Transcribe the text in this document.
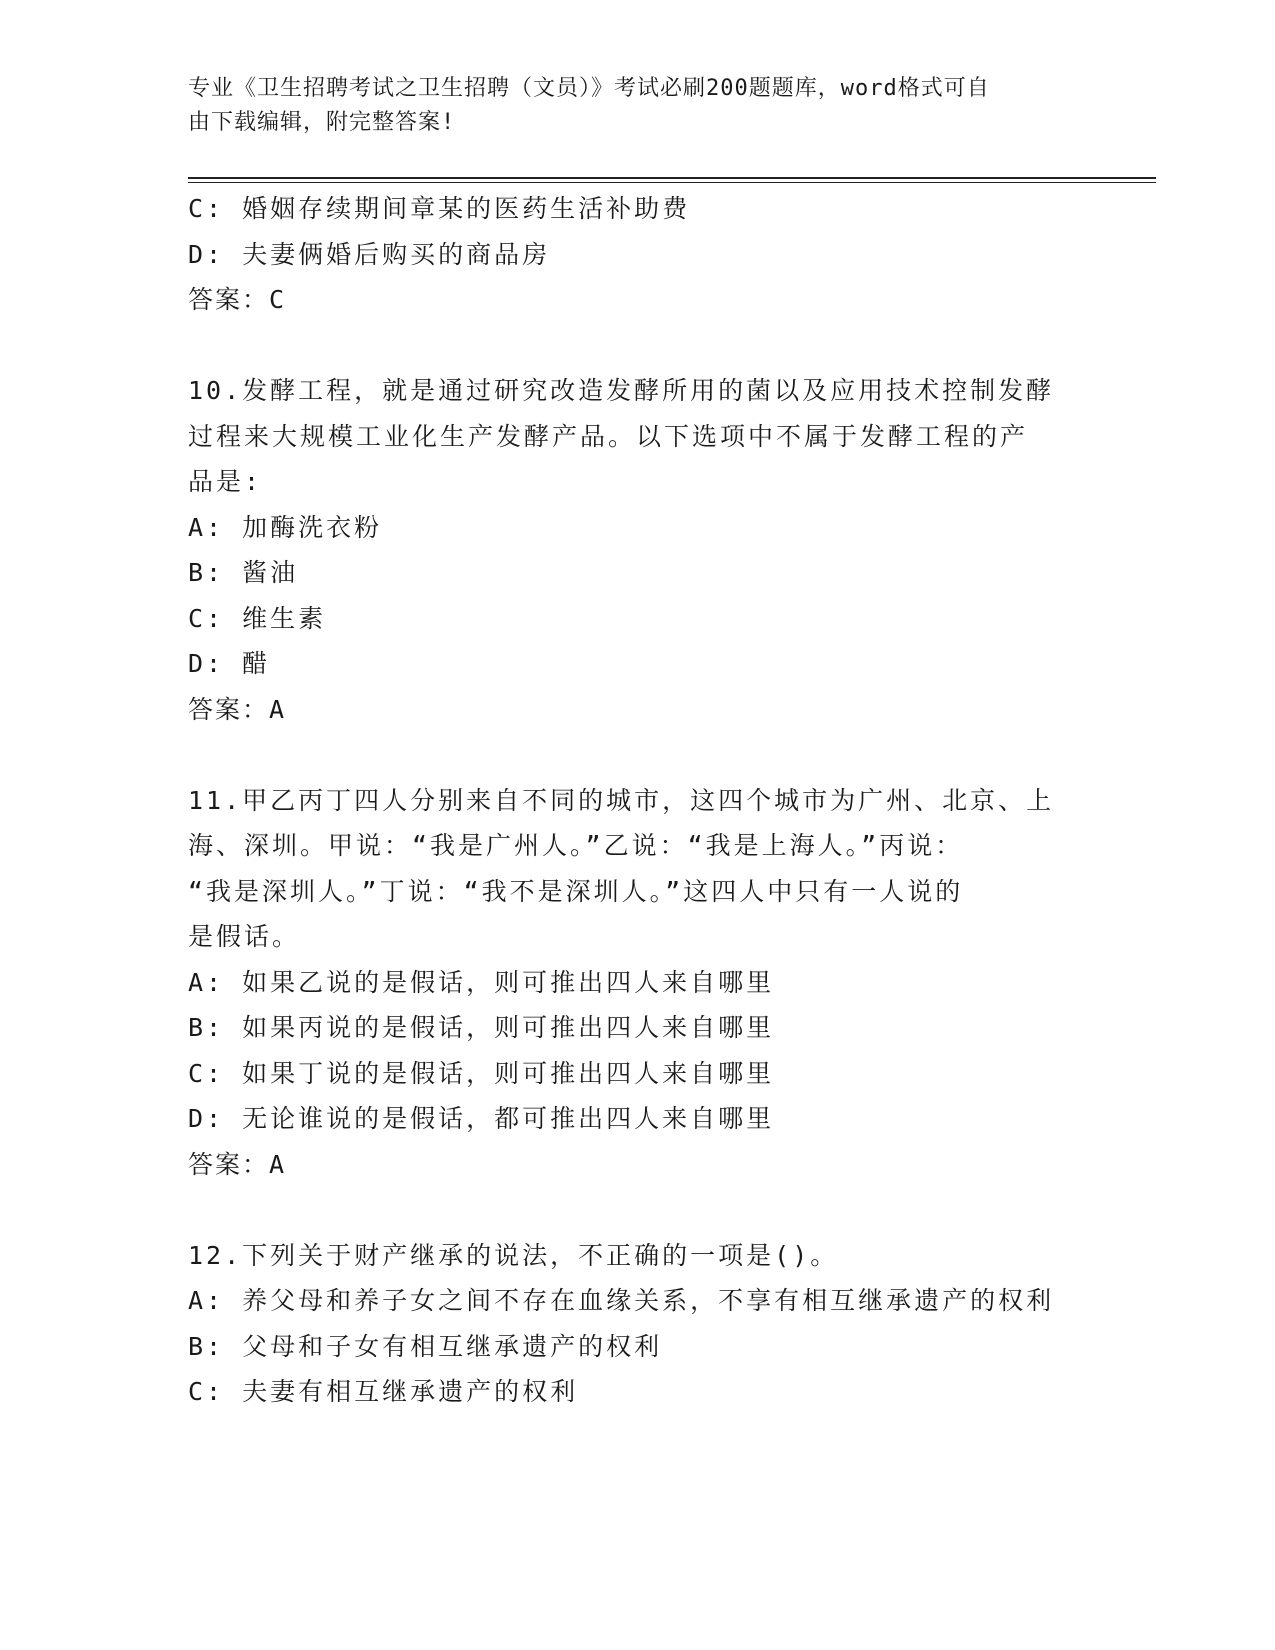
专业《卫生招聘考试之卫生招聘（文员）》考试必刷200题题库，word格式可自
由下载编辑，附完整答案!
C: 婚姻存续期间章某的医药生活补助费
D: 夫妻俩婚后购买的商品房
答案：C
10.发酵工程，就是通过研究改造发酵所用的菌以及应用技术控制发酵
过程来大规模工业化生产发酵产品。以下选项中不属于发酵工程的产
品是:
A: 加酶洗衣粉
B: 酱油
C: 维生素
D: 醋
答案：A
11.甲乙丙丁四人分别来自不同的城市，这四个城市为广州、北京、上
海、深圳。甲说：“我是广州人。”乙说：“我是上海人。”丙说：
“我是深圳人。”丁说：“我不是深圳人。”这四人中只有一人说的
是假话。
A: 如果乙说的是假话，则可推出四人来自哪里
B: 如果丙说的是假话，则可推出四人来自哪里
C: 如果丁说的是假话，则可推出四人来自哪里
D: 无论谁说的是假话，都可推出四人来自哪里
答案：A
12.下列关于财产继承的说法，不正确的一项是()。
A: 养父母和养子女之间不存在血缘关系，不享有相互继承遗产的权利
B: 父母和子女有相互继承遗产的权利
C: 夫妻有相互继承遗产的权利
